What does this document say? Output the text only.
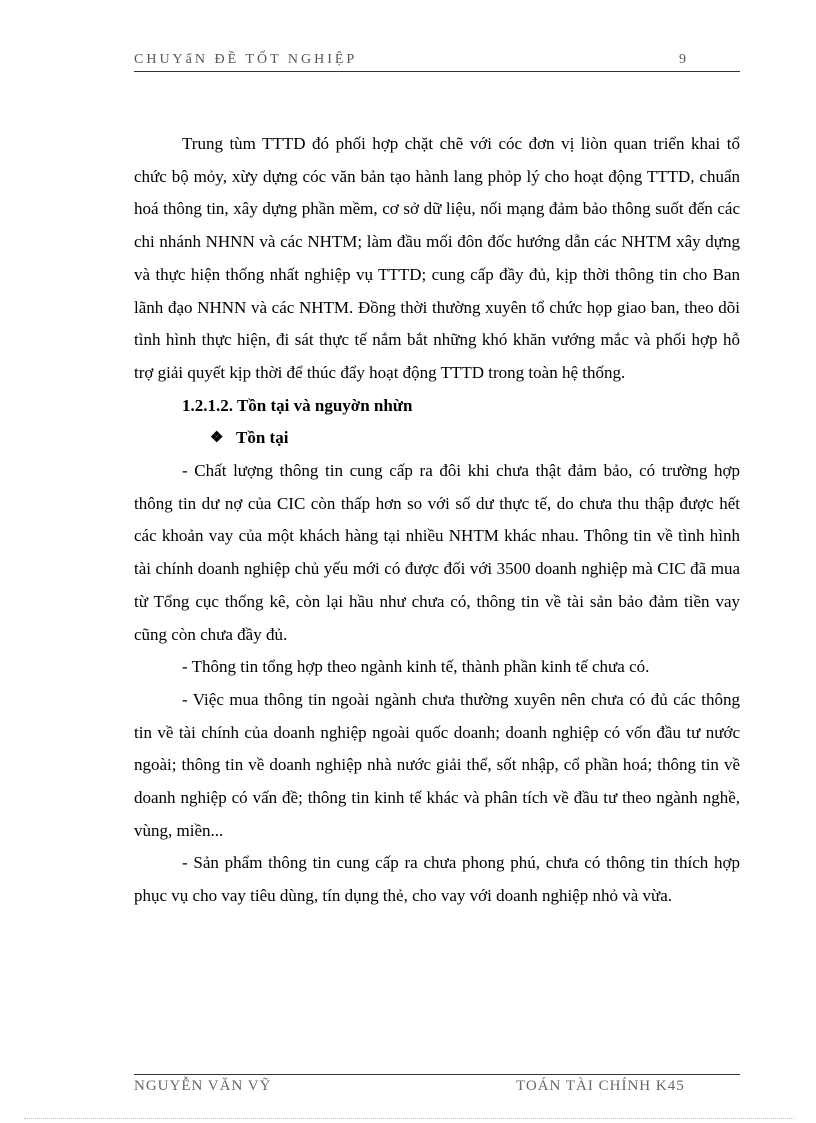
CHUYẩN ĐỀ TỐT NGHIỆP	9

Trung tùm TTTD đó phối hợp chặt chẽ với cóc đơn vị liòn quan triển khai tổ chức bộ mỏy, xừy dựng cóc văn bản tạo hành lang phỏp lý cho hoạt động TTTD, chuẩn hoá thông tin, xây dựng phần mềm, cơ sở dữ liệu, nối mạng đảm bảo thông suốt đến các chi nhánh NHNN và các NHTM; làm đầu mối đôn đốc hướng dẫn các NHTM xây dựng và thực hiện thống nhất nghiệp vụ TTTD; cung cấp đầy đủ, kịp thời thông tin cho Ban lãnh đạo NHNN và các NHTM. Đồng thời thường xuyên tổ chức họp giao ban, theo dõi tình hình thực hiện, đi sát thực tế nắm bắt những khó khăn vướng mắc và phối hợp hỗ trợ giải quyết kịp thời để thúc đẩy hoạt động TTTD trong toàn hệ thống.

1.2.1.2. Tồn tại và nguyờn nhừn

❖ Tồn tại

- Chất lượng thông tin cung cấp ra đôi khi chưa thật đảm bảo, có trường hợp thông tin dư nợ của CIC còn thấp hơn so với số dư thực tế, do chưa thu thập được hết các khoản vay của một khách hàng tại nhiều NHTM khác nhau. Thông tin về tình hình tài chính doanh nghiệp chủ yếu mới có được đối với 3500 doanh nghiệp mà CIC đã mua từ Tổng cục thống kê, còn lại hầu như chưa có, thông tin về tài sản bảo đảm tiền vay cũng còn chưa đầy đủ.

- Thông tin tổng hợp theo ngành kinh tế, thành phần kinh tế chưa có.

- Việc mua thông tin ngoài ngành chưa thường xuyên nên chưa có đủ các thông tin về tài chính của doanh nghiệp ngoài quốc doanh; doanh nghiệp có vốn đầu tư nước ngoài; thông tin về doanh nghiệp nhà nước giải thể, sốt nhập, cổ phần hoá; thông tin về doanh nghiệp có vấn đề; thông tin kinh tế khác và phân tích về đầu tư theo ngành nghề, vùng, miền...

- Sản phẩm thông tin cung cấp ra chưa phong phú, chưa có thông tin thích hợp phục vụ cho vay tiêu dùng, tín dụng thẻ, cho vay với doanh nghiệp nhỏ và vừa.

NGUYỄN VĂN VỸ	TOÁN TÀI CHÍNH K45
